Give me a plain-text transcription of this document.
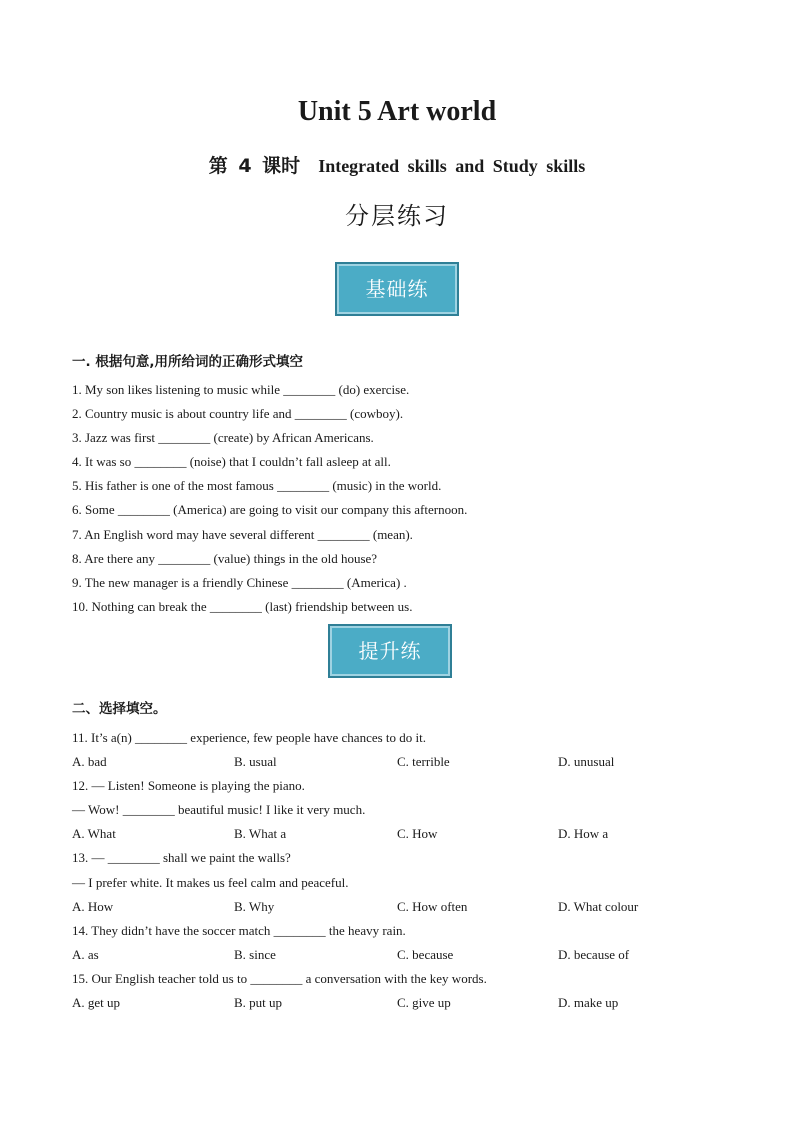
Unit 5 Art world
第 4 课时 Integrated skills and Study skills
分层练习
基础练
一. 根据句意,用所给词的正确形式填空
1. My son likes listening to music while ________ (do) exercise.
2. Country music is about country life and ________ (cowboy).
3. Jazz was first ________ (create) by African Americans.
4. It was so ________ (noise) that I couldn’t fall asleep at all.
5. His father is one of the most famous ________ (music) in the world.
6. Some ________ (America) are going to visit our company this afternoon.
7. An English word may have several different ________ (mean).
8. Are there any ________ (value) things in the old house?
9. The new manager is a friendly Chinese ________ (America) .
10. Nothing can break the ________ (last) friendship between us.
提升练
二、选择填空。
11. It’s a(n) ________ experience, few people have chances to do it.
A. bad	B. usual	C. terrible	D. unusual
12. — Listen! Someone is playing the piano.
— Wow! ________ beautiful music! I like it very much.
A. What	B. What a	C. How	D. How a
13. — ________ shall we paint the walls?
— I prefer white. It makes us feel calm and peaceful.
A. How	B. Why	C. How often	D. What colour
14. They didn’t have the soccer match ________ the heavy rain.
A. as	B. since	C. because	D. because of
15. Our English teacher told us to ________ a conversation with the key words.
A. get up	B. put up	C. give up	D. make up
